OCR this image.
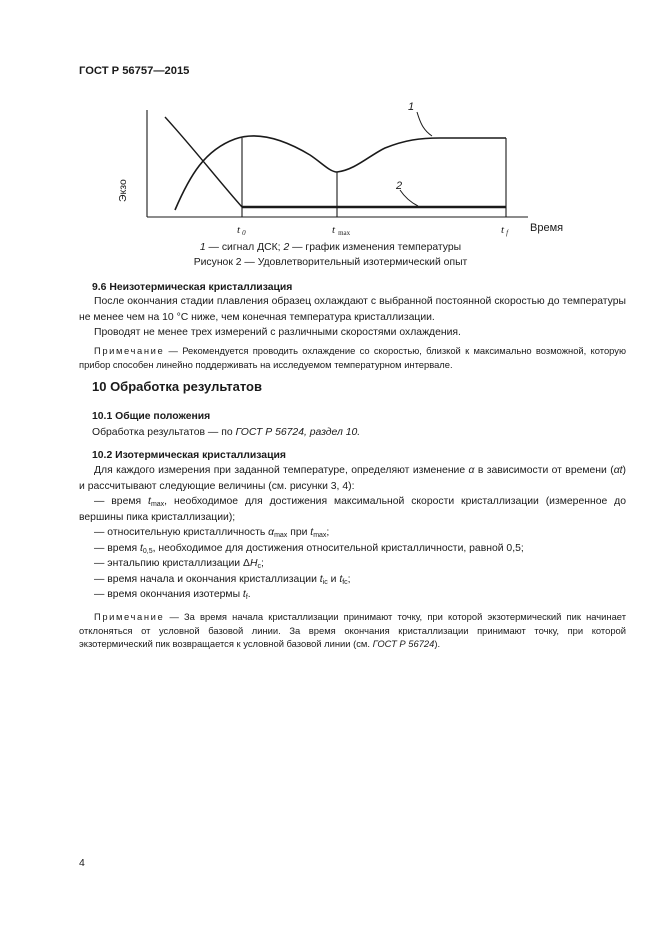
ГОСТ Р 56757—2015
1
2
Экзо
Время
t 0	tmax	tf
1 — сигнал ДСК; 2 — график изменения температуры
Рисунок 2 — Удовлетворительный изотермический опыт
9.6 Неизотермическая кристаллизация
После окончания стадии плавления образец охлаждают с выбранной постоянной скоростью до температуры не менее чем на 10 °С ниже, чем конечная температура кристаллизации.
Проводят не менее трех измерений с различными скоростями охлаждения.
Примечание — Рекомендуется проводить охлаждение со скоростью, близкой к максимально возможной, которую прибор способен линейно поддерживать на исследуемом температурном интервале.
10 Обработка результатов
10.1 Общие положения
Обработка результатов — по ГОСТ Р 56724, раздел 10.
10.2 Изотермическая кристаллизация
Для каждого измерения при заданной температуре, определяют изменение α в зависимости от времени (αt) и рассчитывают следующие величины (см. рисунки 3, 4):
— время $t_{max}$, необходимое для достижения максимальной скорости кристаллизации (измеренное до вершины пика кристаллизации);
— относительную кристалличность $\alpha_{max}$ при $t_{max}$;
— время $t_{0,5}$, необходимое для достижения относительной кристалличности, равной 0,5;
— энтальпию кристаллизации $\Delta H_c$;
— время начала и окончания кристаллизации $t_{ic}$ и $t_{fc}$;
— время окончания изотермы $t_f$.
Примечание — За время начала кристаллизации принимают точку, при которой экзотермический пик начинает отклоняться от условной базовой линии. За время окончания кристаллизации принимают точку, при которой экзотермический пик возвращается к условной базовой линии (см. ГОСТ Р 56724).
4
